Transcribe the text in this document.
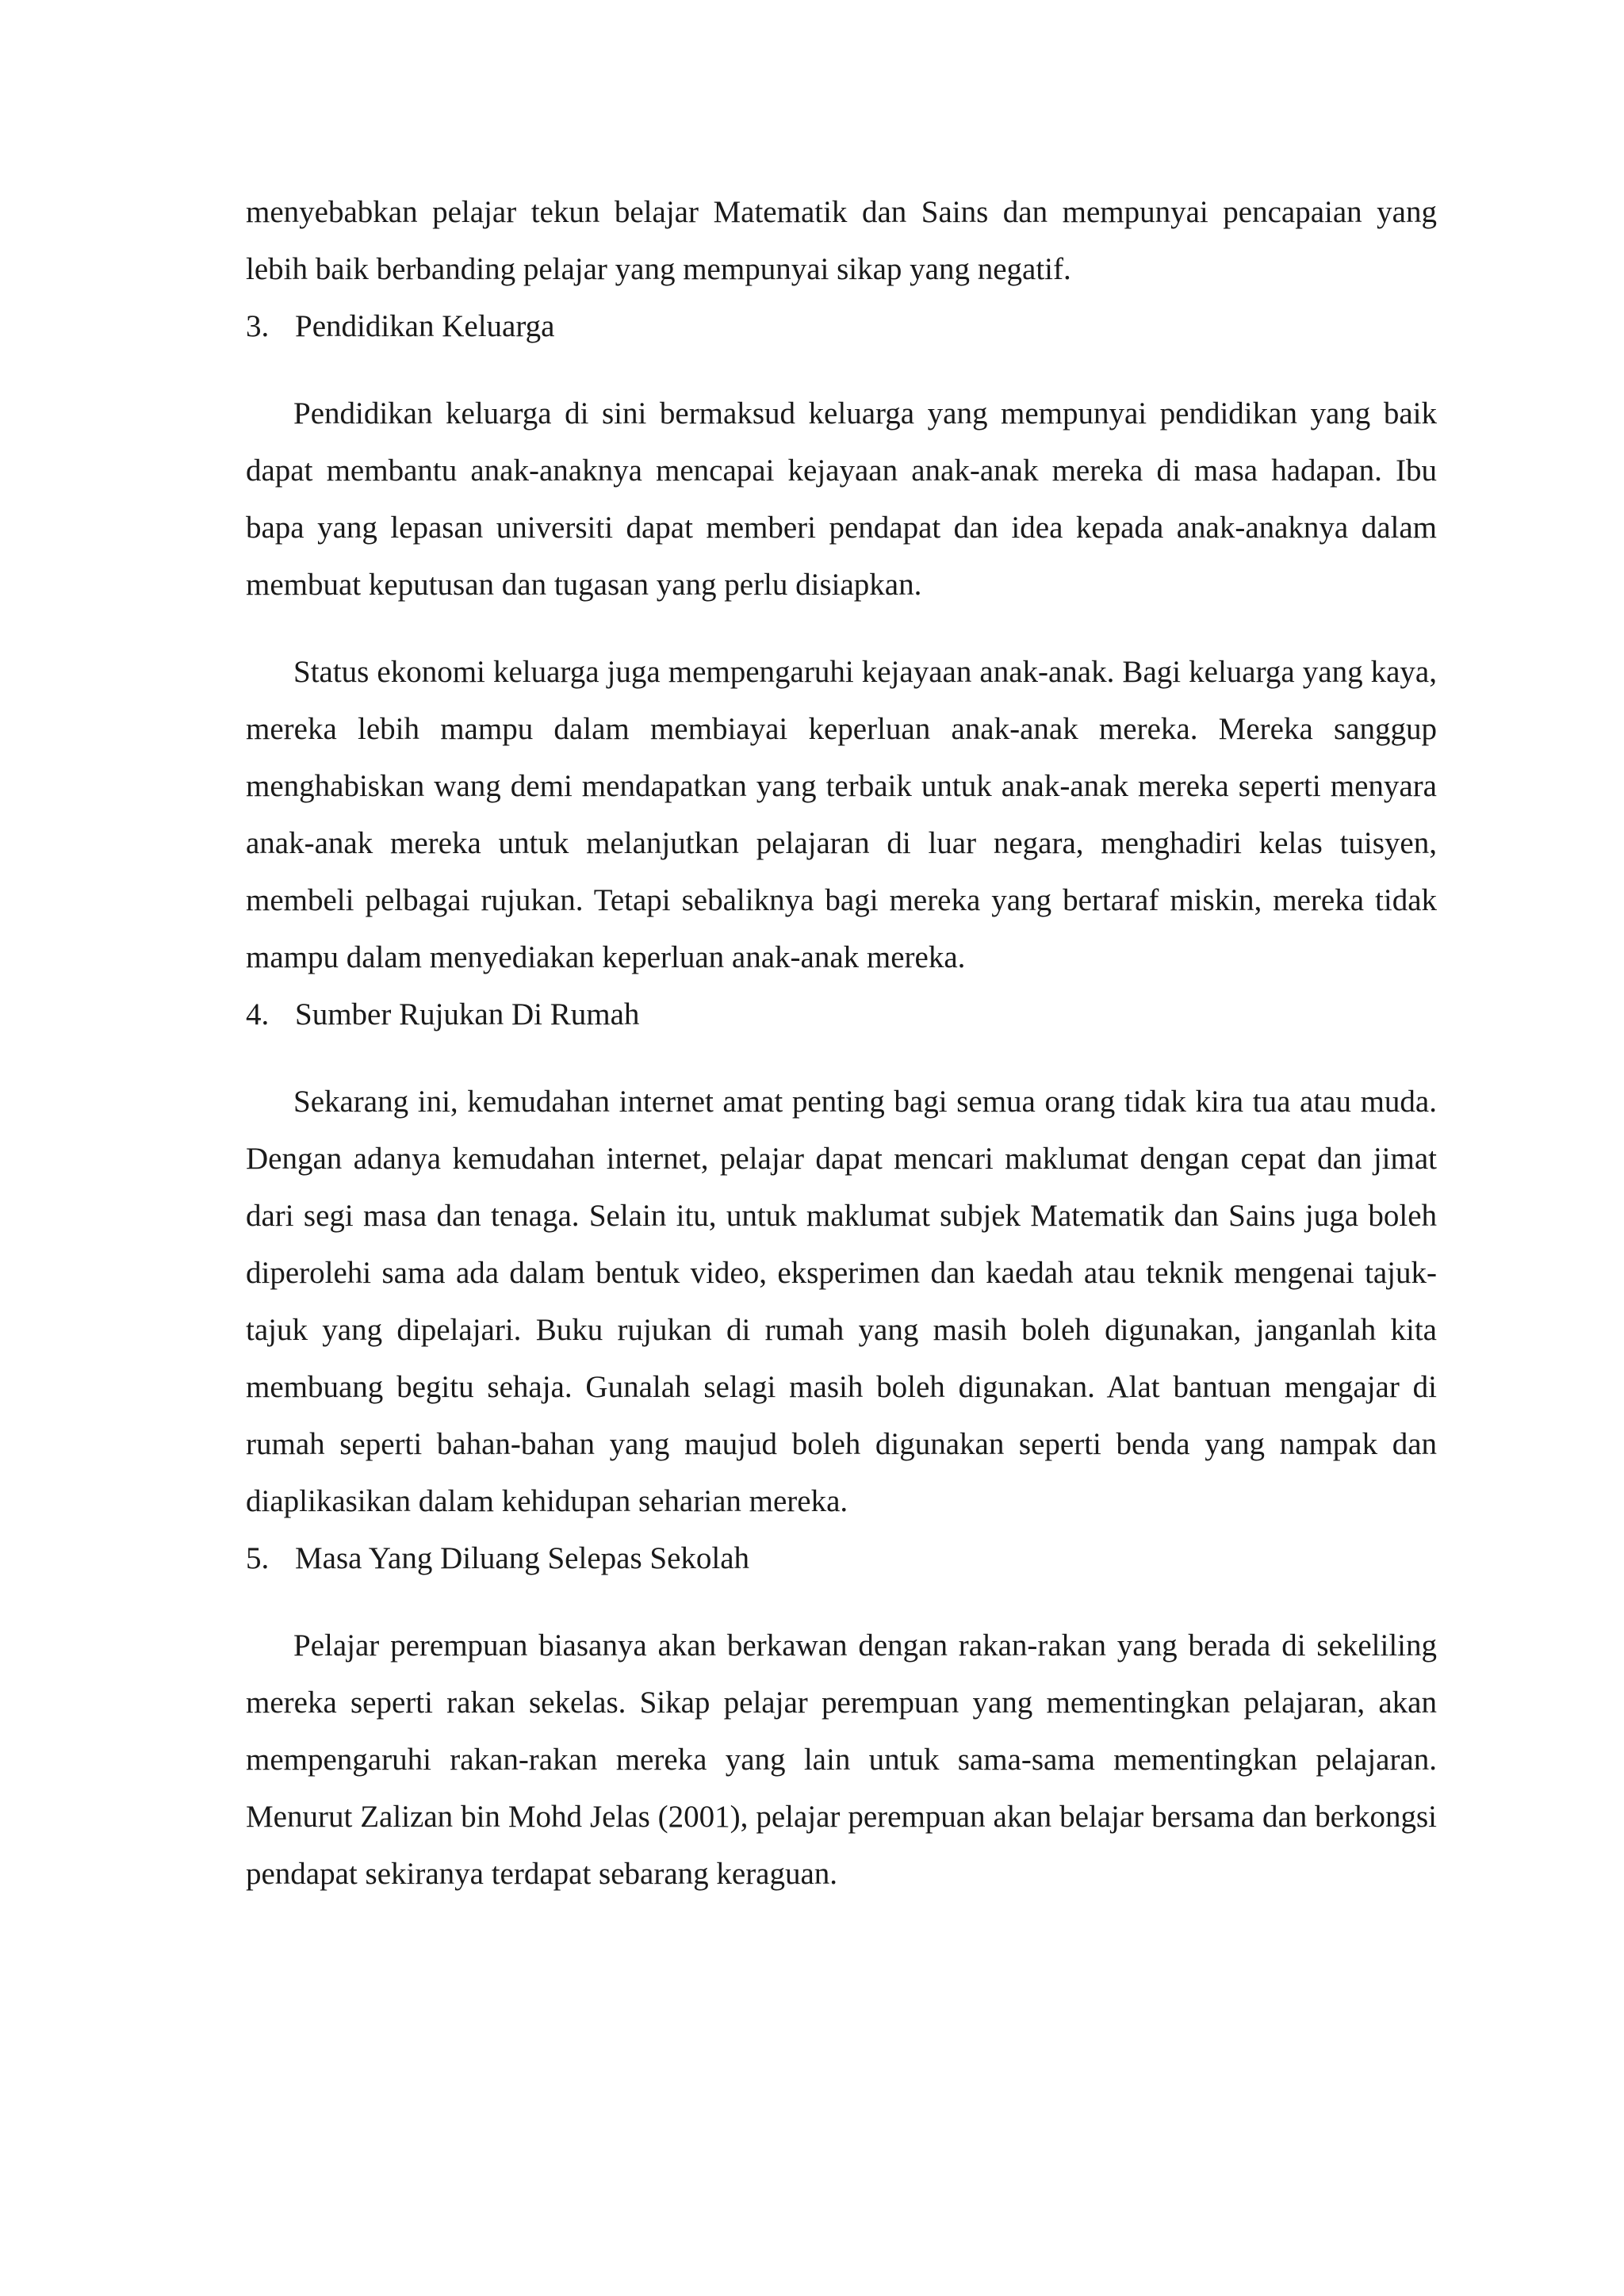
menyebabkan pelajar tekun belajar Matematik dan Sains dan mempunyai pencapaian yang lebih baik berbanding pelajar yang mempunyai sikap yang negatif.

3. Pendidikan Keluarga

Pendidikan keluarga di sini bermaksud keluarga yang mempunyai pendidikan yang baik dapat membantu anak-anaknya mencapai kejayaan anak-anak mereka di masa hadapan. Ibu bapa yang lepasan universiti dapat memberi pendapat dan idea kepada anak-anaknya dalam membuat keputusan dan tugasan yang perlu disiapkan.

Status ekonomi keluarga juga mempengaruhi kejayaan anak-anak. Bagi keluarga yang kaya, mereka lebih mampu dalam membiayai keperluan anak-anak mereka. Mereka sanggup menghabiskan wang demi mendapatkan yang terbaik untuk anak-anak mereka seperti menyara anak-anak mereka untuk melanjutkan pelajaran di luar negara, menghadiri kelas tuisyen, membeli pelbagai rujukan. Tetapi sebaliknya bagi mereka yang bertaraf miskin, mereka tidak mampu dalam menyediakan keperluan anak-anak mereka.

4. Sumber Rujukan Di Rumah

Sekarang ini, kemudahan internet amat penting bagi semua orang tidak kira tua atau muda. Dengan adanya kemudahan internet, pelajar dapat mencari maklumat dengan cepat dan jimat dari segi masa dan tenaga. Selain itu, untuk maklumat subjek Matematik dan Sains juga boleh diperolehi sama ada dalam bentuk video, eksperimen dan kaedah atau teknik mengenai tajuk-tajuk yang dipelajari. Buku rujukan di rumah yang masih boleh digunakan, janganlah kita membuang begitu sehaja. Gunalah selagi masih boleh digunakan. Alat bantuan mengajar di rumah seperti bahan-bahan yang maujud boleh digunakan seperti benda yang nampak dan diaplikasikan dalam kehidupan seharian mereka.

5. Masa Yang Diluang Selepas Sekolah

Pelajar perempuan biasanya akan berkawan dengan rakan-rakan yang berada di sekeliling mereka seperti rakan sekelas. Sikap pelajar perempuan yang mementingkan pelajaran, akan mempengaruhi rakan-rakan mereka yang lain untuk sama-sama mementingkan pelajaran. Menurut Zalizan bin Mohd Jelas (2001), pelajar perempuan akan belajar bersama dan berkongsi pendapat sekiranya terdapat sebarang keraguan.
